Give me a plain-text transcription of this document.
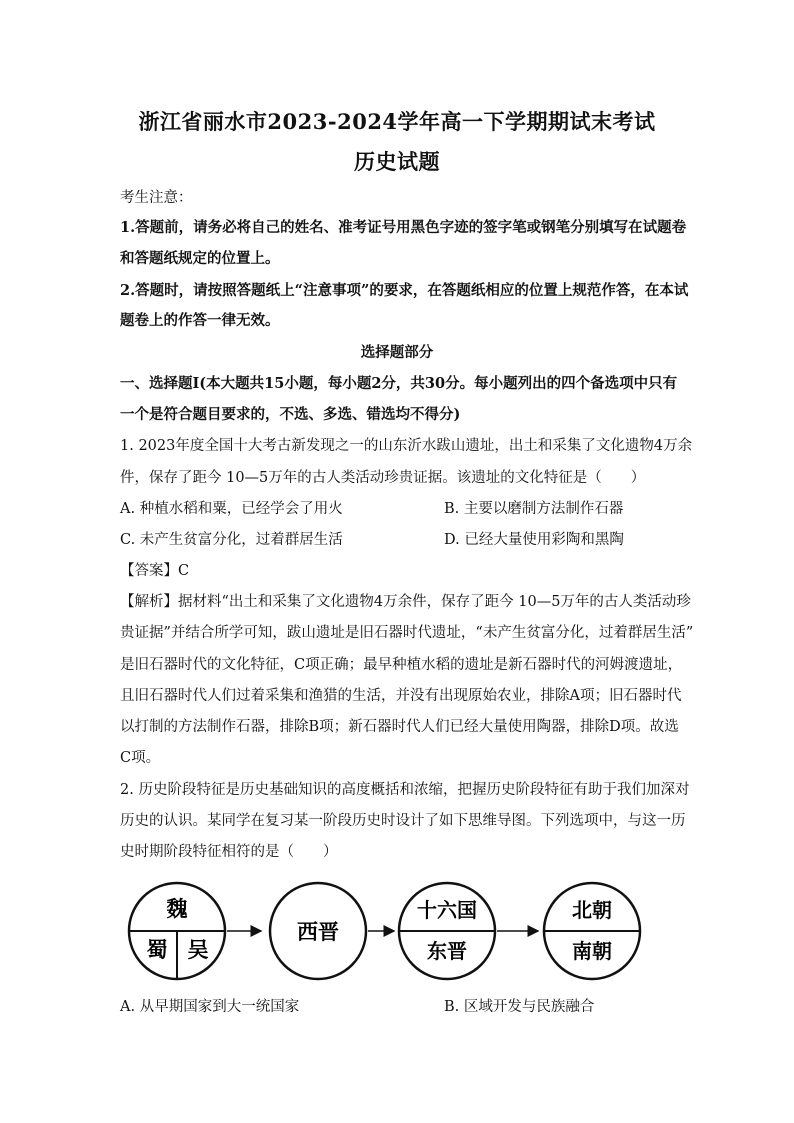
浙江省丽水市2023-2024学年高一下学期期试末考试
历史试题
考生注意：
1.答题前，请务必将自己的姓名、准考证号用黑色字迹的签字笔或钢笔分别填写在试题卷
和答题纸规定的位置上。
2.答题时，请按照答题纸上“注意事项”的要求，在答题纸相应的位置上规范作答，在本试
题卷上的作答一律无效。
选择题部分
一、选择题Ⅰ(本大题共15小题，每小题2分，共30分。每小题列出的四个备选项中只有
一个是符合题目要求的，不选、多选、错选均不得分)
1. 2023年度全国十大考古新发现之一的山东沂水跋山遗址，出土和采集了文化遗物4万余
件，保存了距今 10—5万年的古人类活动珍贵证据。该遗址的文化特征是（　　）
A. 种植水稻和粟，已经学会了用火	B. 主要以磨制方法制作石器
C. 未产生贫富分化，过着群居生活	D. 已经大量使用彩陶和黑陶
【答案】C
【解析】据材料“出土和采集了文化遗物4万余件，保存了距今 10—5万年的古人类活动珍
贵证据”并结合所学可知，跋山遗址是旧石器时代遗址，“未产生贫富分化，过着群居生活”
是旧石器时代的文化特征，C项正确；最早种植水稻的遗址是新石器时代的河姆渡遗址，
且旧石器时代人们过着采集和渔猎的生活，并没有出现原始农业，排除A项；旧石器时代
以打制的方法制作石器，排除B项；新石器时代人们已经大量使用陶器，排除D项。故选
C项。
2. 历史阶段特征是历史基础知识的高度概括和浓缩，把握历史阶段特征有助于我们加深对
历史的认识。某同学在复习某一阶段历史时设计了如下思维导图。下列选项中，与这一历
史时期阶段特征相符的是（　　）
魏
蜀 吴
西晋
十六国
东晋
北朝
南朝
A. 从早期国家到大一统国家	B. 区域开发与民族融合
